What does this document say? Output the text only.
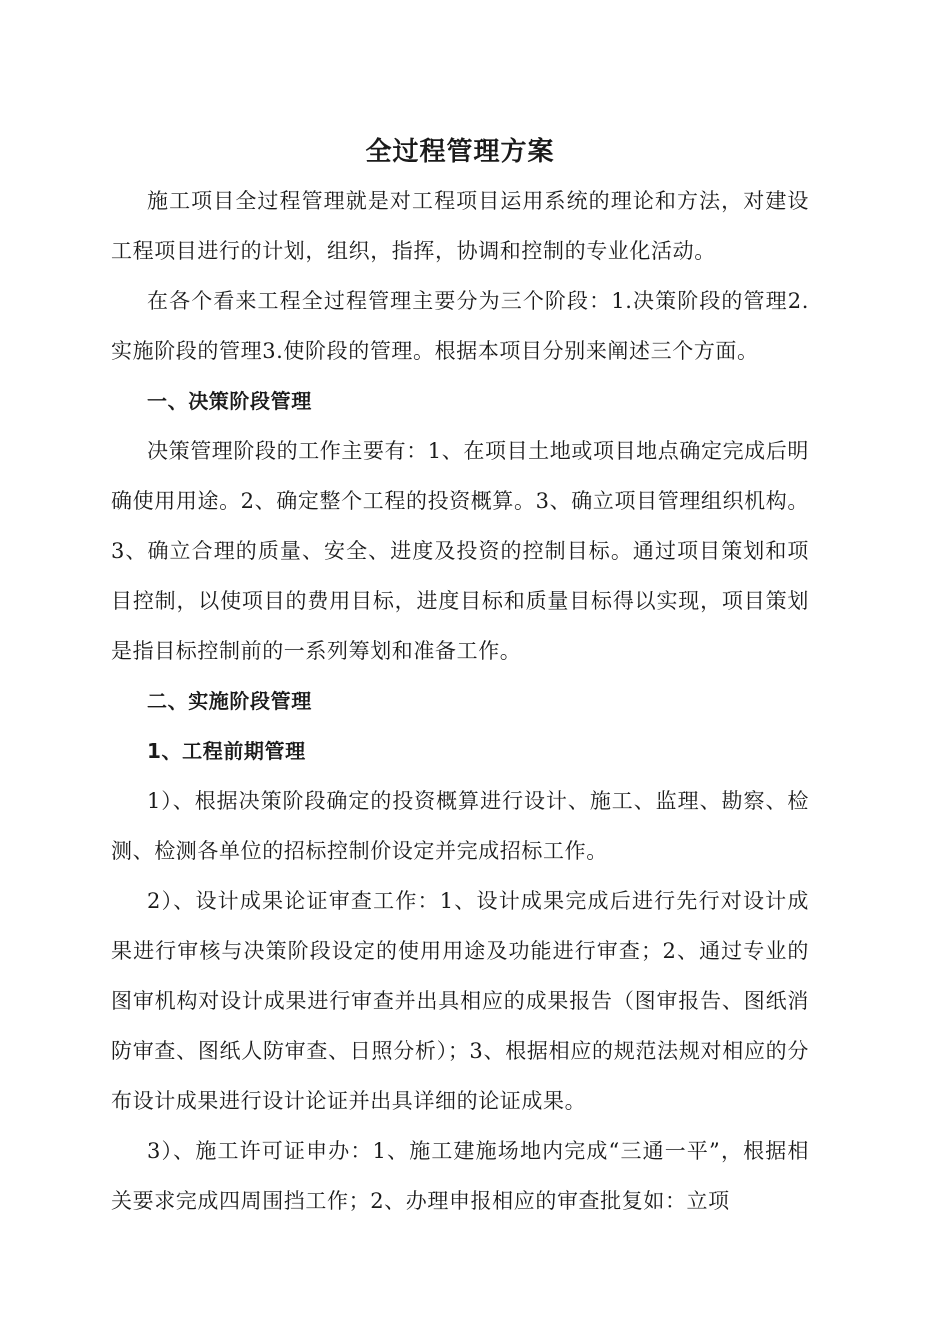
全过程管理方案

施工项目全过程管理就是对工程项目运用系统的理论和方法，对建设工程项目进行的计划，组织，指挥，协调和控制的专业化活动。

在各个看来工程全过程管理主要分为三个阶段：1.决策阶段的管理2.实施阶段的管理3.使阶段的管理。根据本项目分别来阐述三个方面。

一、决策阶段管理

决策管理阶段的工作主要有：1、在项目土地或项目地点确定完成后明确使用用途。2、确定整个工程的投资概算。3、确立项目管理组织机构。3、确立合理的质量、安全、进度及投资的控制目标。通过项目策划和项目控制，以使项目的费用目标，进度目标和质量目标得以实现，项目策划是指目标控制前的一系列筹划和准备工作。

二、实施阶段管理
1、工程前期管理

1）、根据决策阶段确定的投资概算进行设计、施工、监理、勘察、检测、检测各单位的招标控制价设定并完成招标工作。

2）、设计成果论证审查工作：1、设计成果完成后进行先行对设计成果进行审核与决策阶段设定的使用用途及功能进行审查；2、通过专业的图审机构对设计成果进行审查并出具相应的成果报告（图审报告、图纸消防审查、图纸人防审查、日照分析）；3、根据相应的规范法规对相应的分布设计成果进行设计论证并出具详细的论证成果。

3）、施工许可证申办：1、施工建施场地内完成“三通一平”，根据相关要求完成四周围挡工作；2、办理申报相应的审查批复如：立项
